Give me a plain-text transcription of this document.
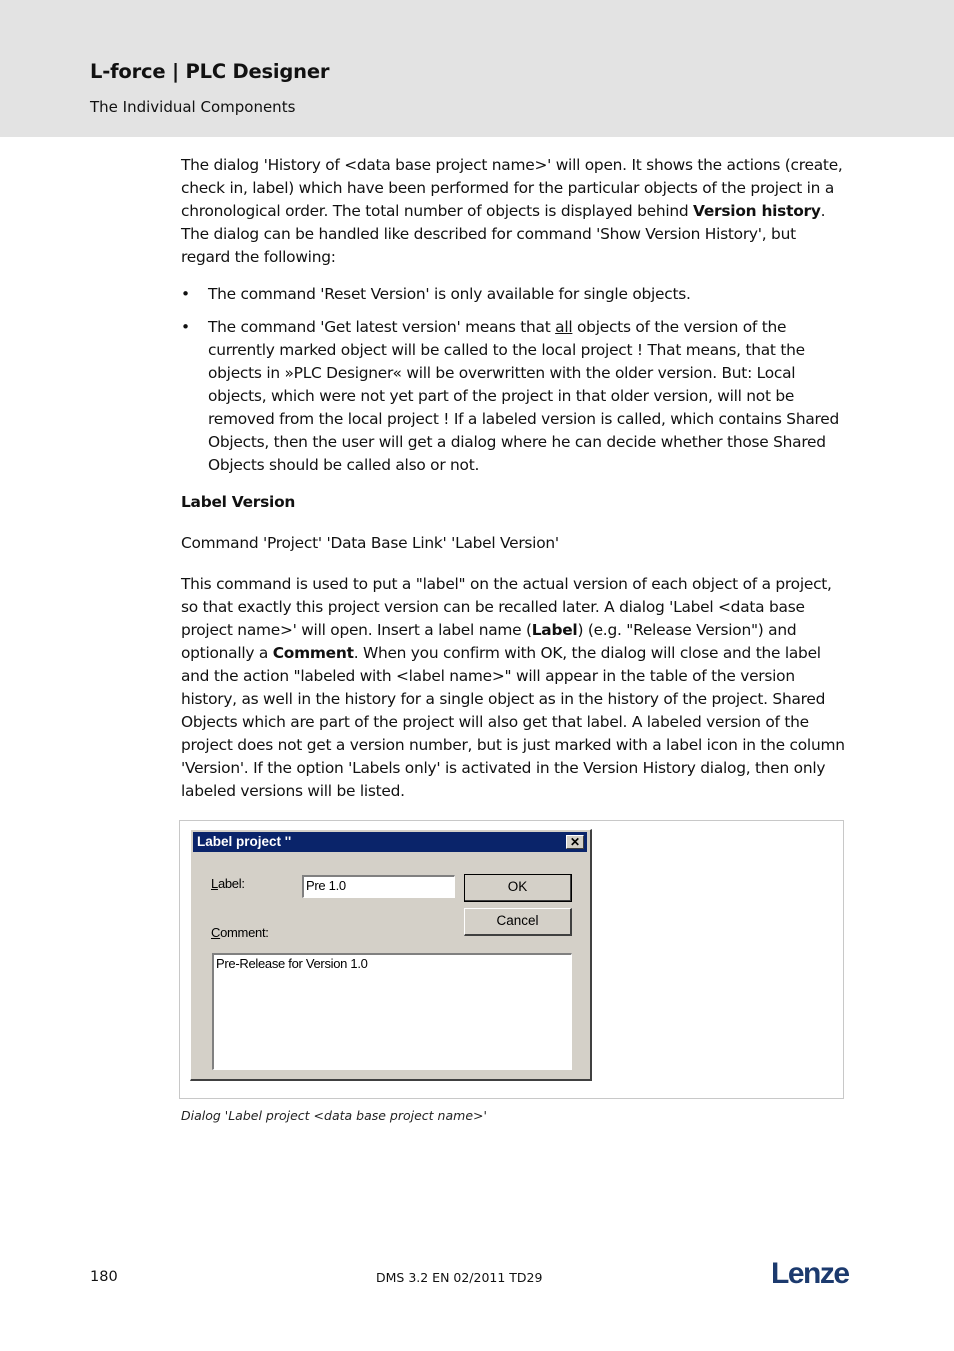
L-force | PLC Designer
The Individual Components

The dialog 'History of <data base project name>' will open. It shows the actions (create, check in, label) which have been performed for the particular objects of the project in a chronological order. The total number of objects is displayed behind Version history. The dialog can be handled like described for command 'Show Version History', but regard the following:

• The command 'Reset Version' is only available for single objects.
• The command 'Get latest version' means that all objects of the version of the currently marked object will be called to the local project ! That means, that the objects in »PLC Designer« will be overwritten with the older version. But: Local objects, which were not yet part of the project in that older version, will not be removed from the local project ! If a labeled version is called, which contains Shared Objects, then the user will get a dialog where he can decide whether those Shared Objects should be called also or not.

Label Version

Command 'Project' 'Data Base Link' 'Label Version'

This command is used to put a "label" on the actual version of each object of a project, so that exactly this project version can be recalled later. A dialog 'Label <data base project name>' will open. Insert a label name (Label) (e.g. "Release Version") and optionally a Comment. When you confirm with OK, the dialog will close and the label and the action "labeled with <label name>" will appear in the table of the version history, as well in the history for a single object as in the history of the project. Shared Objects which are part of the project will also get that label. A labeled version of the project does not get a version number, but is just marked with a label icon in the column 'Version'. If the option 'Labels only' is activated in the Version History dialog, then only labeled versions will be listed.

Label project ''	✕
Label:	Pre 1.0	OK
Cancel
Comment:
Pre-Release for Version 1.0
Dialog 'Label project <data base project name>'
180	DMS 3.2 EN 02/2011 TD29	Lenze
